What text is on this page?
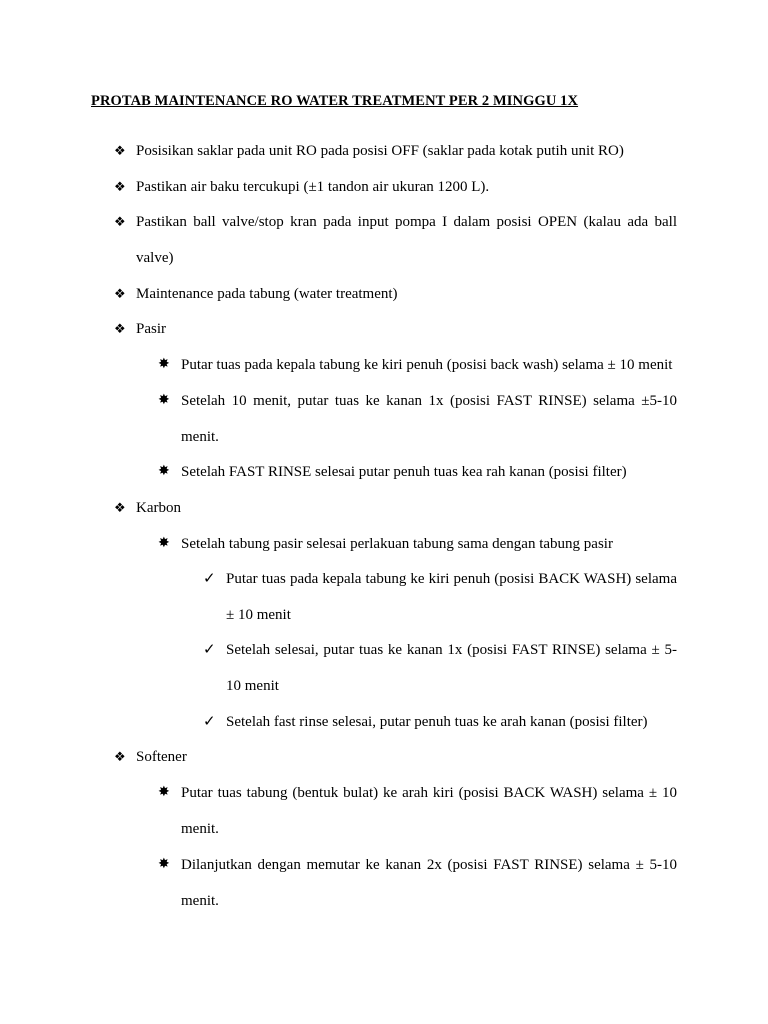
PROTAB MAINTENANCE RO WATER TREATMENT PER 2 MINGGU 1X
❖ Posisikan saklar pada unit RO pada posisi OFF (saklar pada kotak putih unit RO)
❖ Pastikan air baku tercukupi (±1 tandon air ukuran 1200 L).
❖ Pastikan ball valve/stop kran pada input pompa I dalam posisi OPEN (kalau ada ball valve)
❖ Maintenance pada tabung (water treatment)
❖ Pasir
✸ Putar tuas pada kepala tabung ke kiri penuh (posisi back wash) selama ± 10 menit
✸ Setelah 10 menit, putar tuas ke kanan 1x (posisi FAST RINSE) selama ±5-10 menit.
✸ Setelah FAST RINSE selesai putar penuh tuas kea rah kanan (posisi filter)
❖ Karbon
✸ Setelah tabung pasir selesai perlakuan tabung sama dengan tabung pasir
✓ Putar tuas pada kepala tabung ke kiri penuh (posisi BACK WASH) selama ± 10 menit
✓ Setelah selesai, putar tuas ke kanan 1x (posisi FAST RINSE) selama ± 5-10 menit
✓ Setelah fast rinse selesai, putar penuh tuas ke arah kanan (posisi filter)
❖ Softener
✸ Putar tuas tabung (bentuk bulat) ke arah kiri (posisi BACK WASH) selama ± 10 menit.
✸ Dilanjutkan dengan memutar ke kanan 2x (posisi FAST RINSE) selama ± 5-10 menit.
